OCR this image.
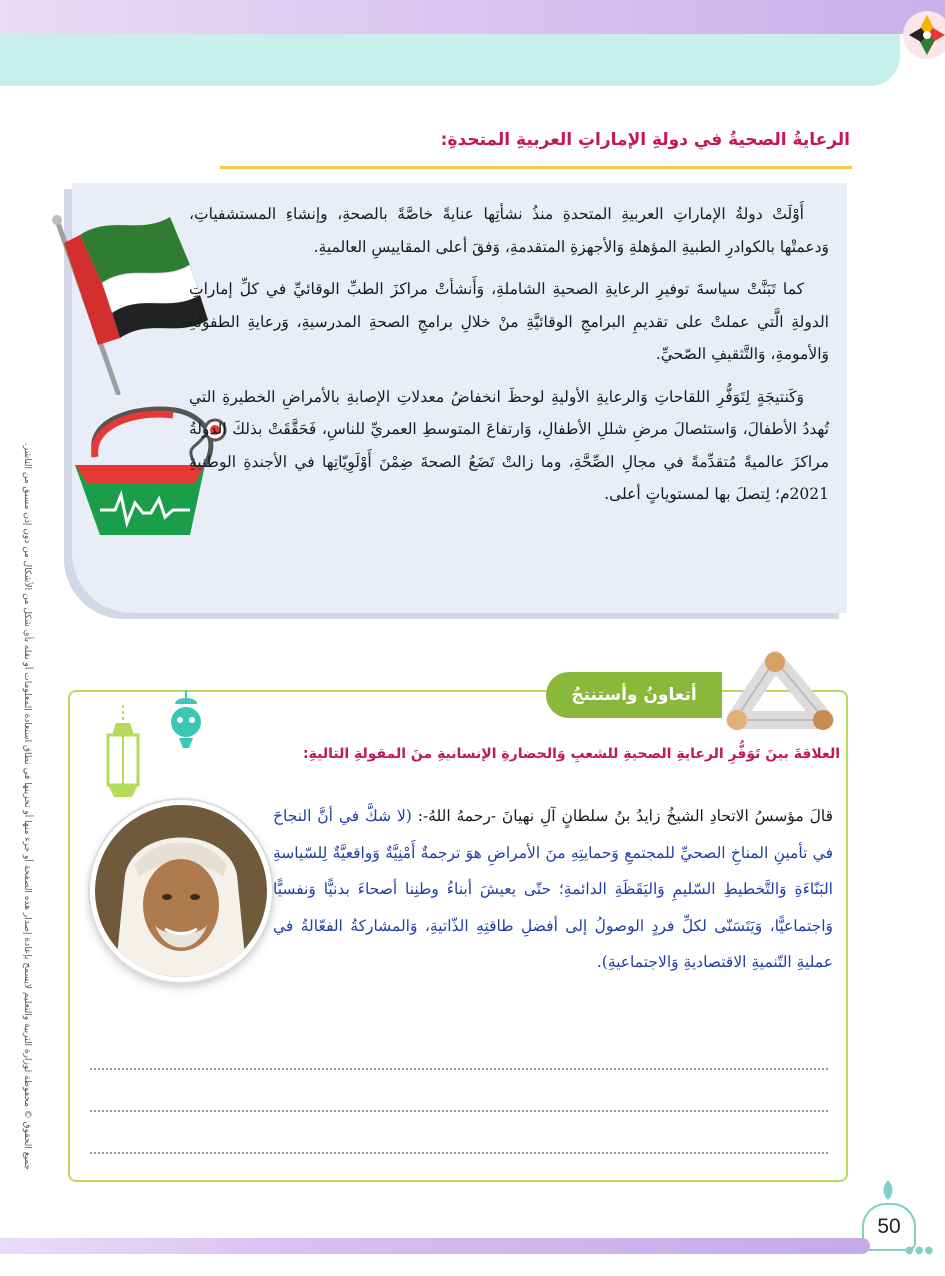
جميع الحقوق © محفوظة لوزارة التربية والتعليم لايسمح بإعادة إصدار هذه الصفحة أو جزء منها أو تخزينها في نطاق استعادة المعلومات أو نقله بأي شكل من الأشكال من دون إذن مسبق من الناشر.
الرعايةُ الصحيةُ في دولةِ الإماراتِ العربيةِ المتحدةِ:

أَوْلَتْ دولةُ الإماراتِ العربيةِ المتحدةِ منذُ نشأتِها عنايةً خاصَّةً بالصحةِ، وإنشاءِ المستشفياتِ، وَدعمتْها بالكوادرِ الطبيةِ المؤهلةِ وَالأجهزةِ المتقدمةِ، وَفقَ أعلى المقاييسِ العالميةِ.

كما تَبَنَّتْ سياسةَ توفيرِ الرعايةِ الصحيةِ الشاملةِ، وَأَنشأتْ مراكزَ الطبِّ الوقائيِّ في كلِّ إماراتِ الدولةِ الَّتي عملتْ على تقديمِ البرامجِ الوقائيَّةِ منْ خلالِ برامجِ الصحةِ المدرسيةِ، وَرعايةِ الطفولةِ وَالأمومةِ، وَالتَّثقيفِ الصّحيِّ.

وَكَنتيجَةٍ لِتَوَفُّرِ اللقاحاتِ وَالرعايةِ الأوليةِ لوحظَ انخفاضُ معدلاتِ الإصابةِ بالأمراضِ الخطيرةِ التي تُهددُ الأطفالَ، وَاستئصالَ مرضِ شللِ الأطفالِ، وَارتفاعَ المتوسطِ العمريِّ للناسِ، فَحَقَّقَتْ بذلكَ الدولةُ مراكزَ عالميةً مُتقدِّمةً في مجالِ الصِّحَّةِ، وما زالتْ تَضَعُ الصحةَ ضِمْنَ أَوْلَوِيّاتِها في الأجندةِ الوطنيةِ 2021م؛ لِتصلَ بها لمستوياتٍ أعلى.

أتعاونُ وأستنتجُ
العلاقةَ بينَ تَوَفُّرِ الرعايةِ الصحيةِ للشعبِ وَالحضارةِ الإنسانيةِ منَ المقولةِ التاليةِ:
قالَ مؤسسُ الاتحادِ الشيخُ زايدُ بنُ سلطانٍ آلِ نهيانَ -رحمهُ اللهُ-: (لا شكَّ في أنَّ النجاحَ في تأمينِ المناخِ الصحيِّ للمجتمعِ وَحمايتِهِ منَ الأمراضِ هوَ ترجمةٌ أَمْنِيَّةٌ وَواقعيَّةٌ لِلسّياسةِ البَنّاءَةِ وَالتَّخطيطِ السّليمِ وَاليَقَظَةِ الدائمةِ؛ حتّى يعيشَ أبناءُ وطنِنا أصحاءَ بدنيًّا وَنفسيًّا وَاجتماعيًّا، وَيَتَسَنّى لكلِّ فردٍ الوصولُ إلى أفضلِ طاقتِهِ الذّاتيةِ، وَالمشاركةُ الفعّالةُ في عمليةِ التّنميةِ الاقتصاديةِ وَالاجتماعيةِ).
50
●●●
